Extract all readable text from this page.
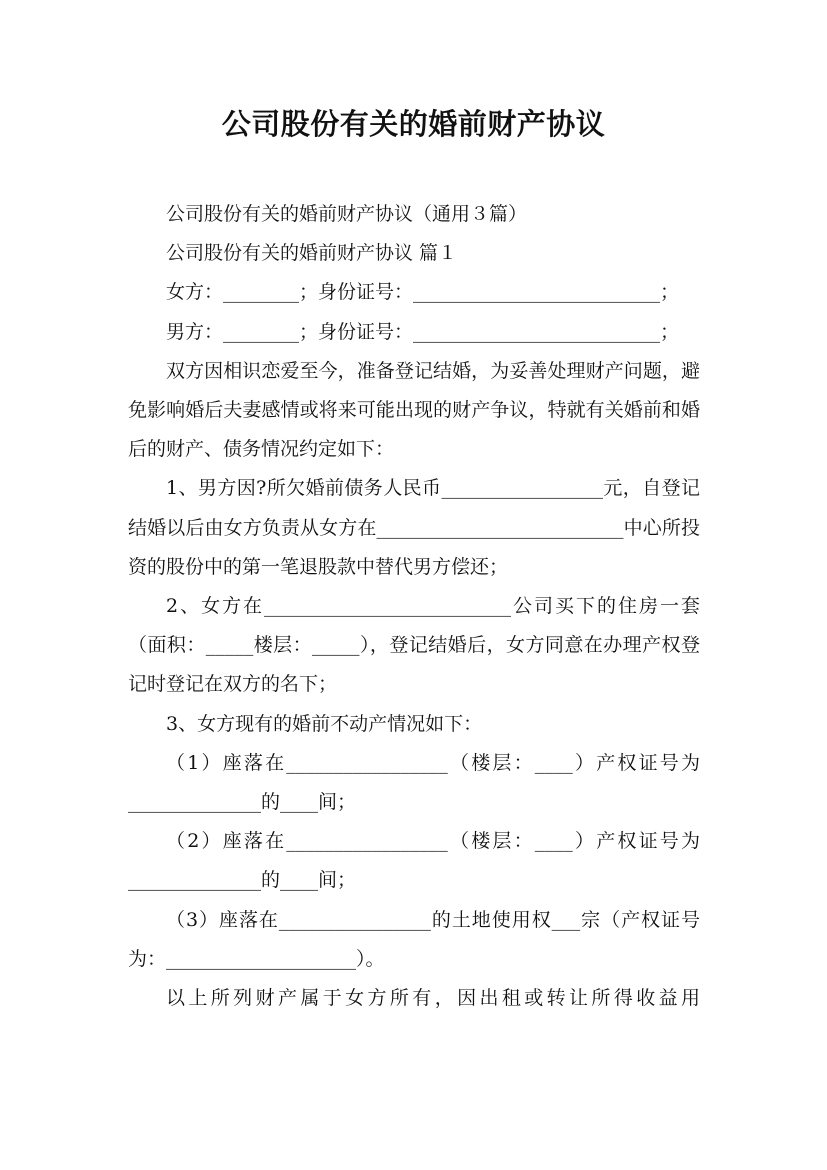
公司股份有关的婚前财产协议

公司股份有关的婚前财产协议（通用３篇）

公司股份有关的婚前财产协议 篇１

女方：________；身份证号：__________________________；

男方：________；身份证号：__________________________；

双方因相识恋爱至今，准备登记结婚，为妥善处理财产问题，避免影响婚后夫妻感情或将来可能出现的财产争议，特就有关婚前和婚后的财产、债务情况约定如下：

1、男方因?所欠婚前债务人民币_________________元，自登记结婚以后由女方负责从女方在__________________________中心所投资的股份中的第一笔退股款中替代男方偿还；

2、女方在__________________________公司买下的住房一套（面积：_____楼层：_____），登记结婚后，女方同意在办理产权登记时登记在双方的名下；

3、女方现有的婚前不动产情况如下：

（1）座落在_________________（楼层：____）产权证号为______________的____间；

（2）座落在_________________（楼层：____）产权证号为______________的____间；

（3）座落在________________的土地使用权___宗（产权证号为：____________________）。

以上所列财产属于女方所有，因出租或转让所得收益用
